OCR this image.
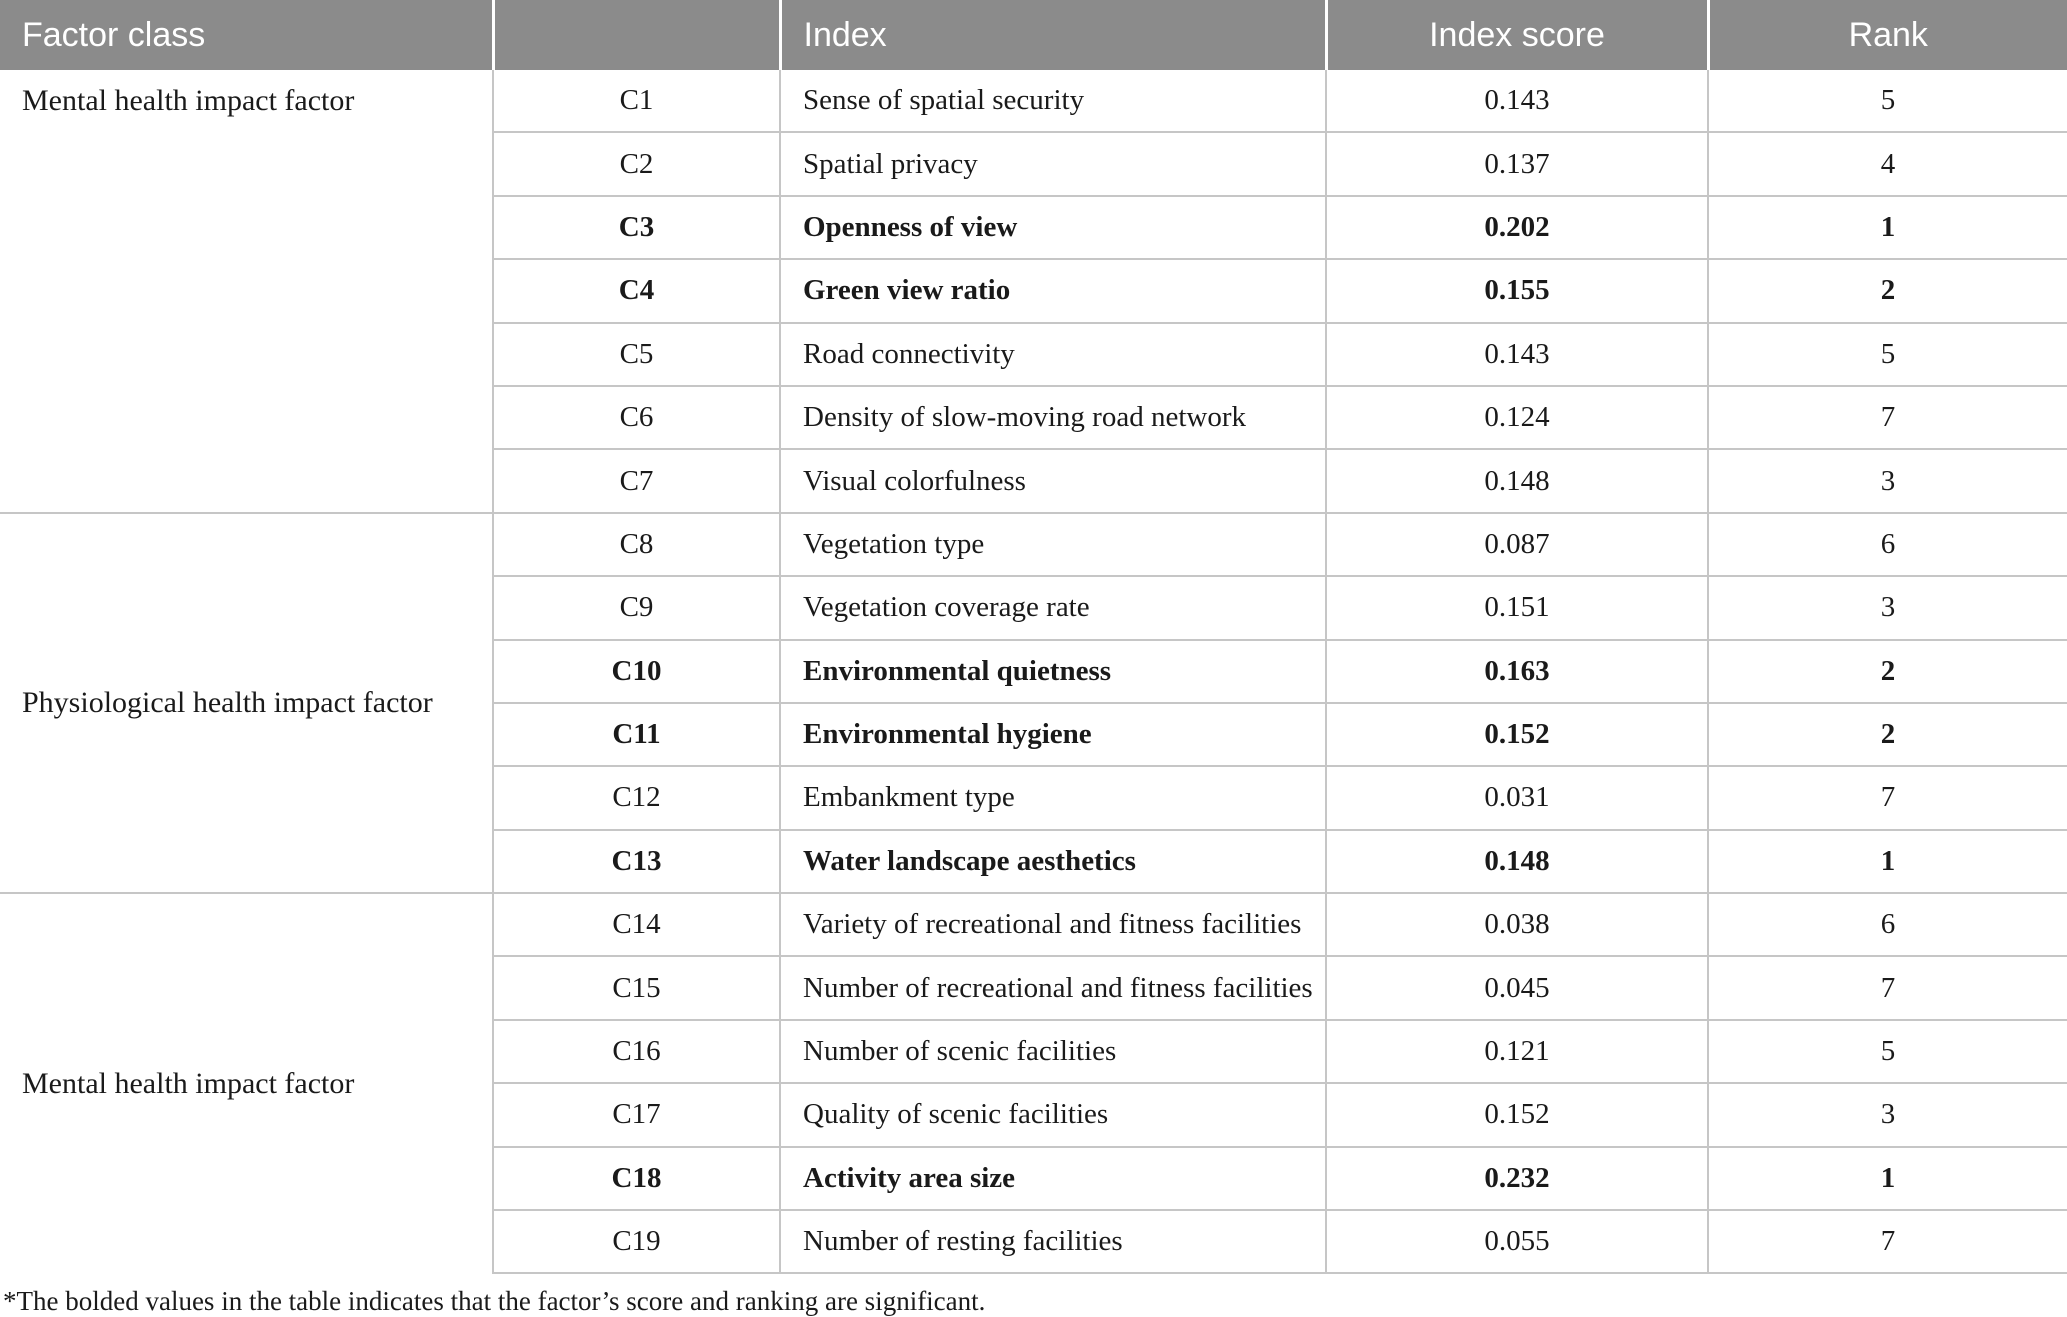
Factor class		Index	Index score	Rank
Mental health impact factor	C1	Sense of spatial security	0.143	5
	C2	Spatial privacy	0.137	4
	C3	Openness of view	0.202	1
	C4	Green view ratio	0.155	2
	C5	Road connectivity	0.143	5
	C6	Density of slow-moving road network	0.124	7
	C7	Visual colorfulness	0.148	3
Physiological health impact factor	C8	Vegetation type	0.087	6
	C9	Vegetation coverage rate	0.151	3
	C10	Environmental quietness	0.163	2
	C11	Environmental hygiene	0.152	2
	C12	Embankment type	0.031	7
	C13	Water landscape aesthetics	0.148	1
Mental health impact factor	C14	Variety of recreational and fitness facilities	0.038	6
	C15	Number of recreational and fitness facilities	0.045	7
	C16	Number of scenic facilities	0.121	5
	C17	Quality of scenic facilities	0.152	3
	C18	Activity area size	0.232	1
	C19	Number of resting facilities	0.055	7
*The bolded values in the table indicates that the factor’s score and ranking are significant.
